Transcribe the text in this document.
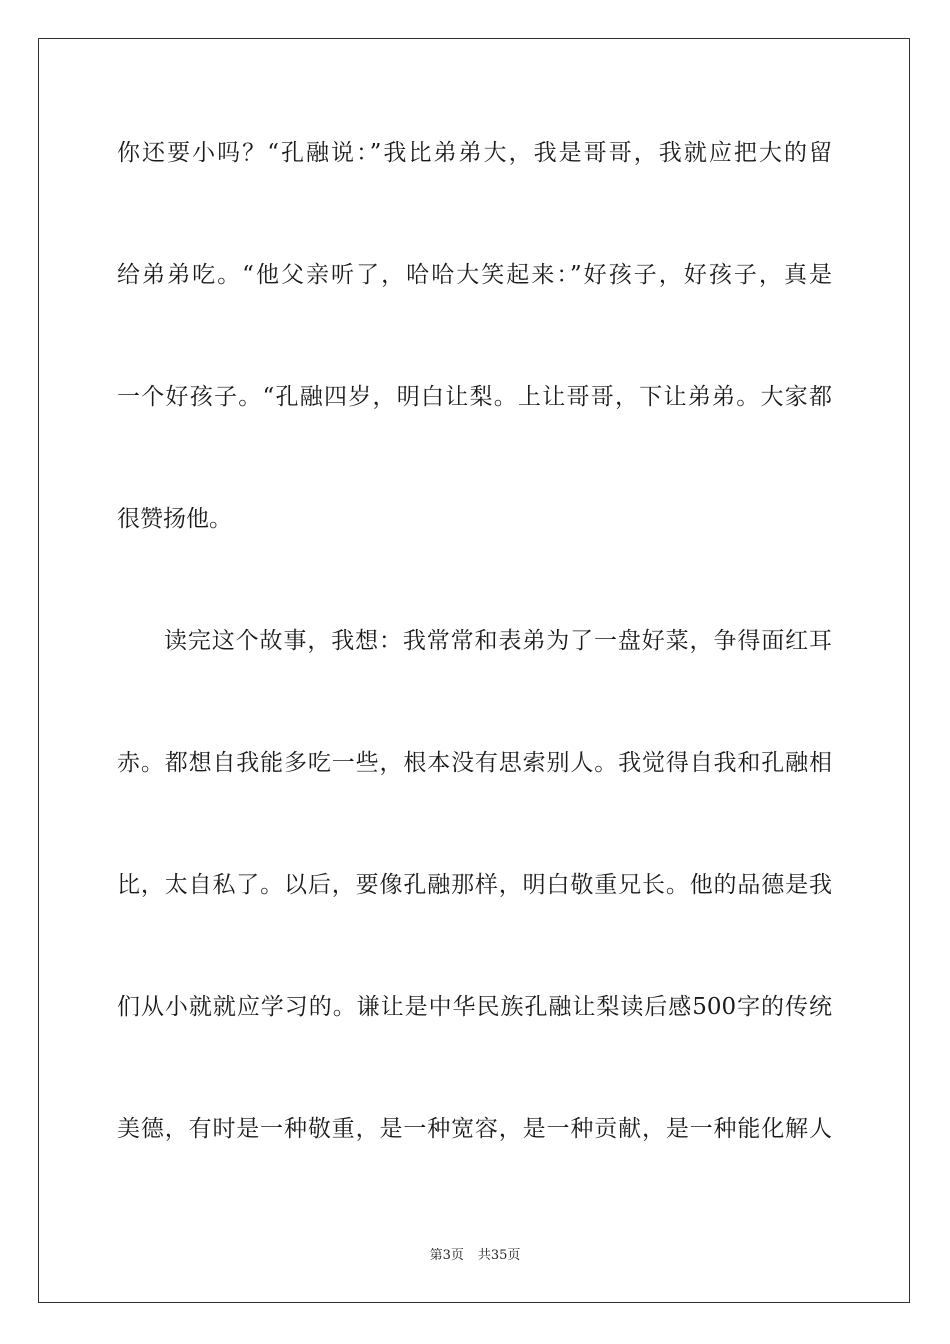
你还要小吗？“孔融说：”我比弟弟大，我是哥哥，我就应把大的留
给弟弟吃。“他父亲听了，哈哈大笑起来：”好孩子，好孩子，真是
一个好孩子。“孔融四岁，明白让梨。上让哥哥，下让弟弟。大家都
很赞扬他。
读完这个故事，我想：我常常和表弟为了一盘好菜，争得面红耳
赤。都想自我能多吃一些，根本没有思索别人。我觉得自我和孔融相
比，太自私了。以后，要像孔融那样，明白敬重兄长。他的品德是我
们从小就就应学习的。谦让是中华民族孔融让梨读后感500字的传统
美德，有时是一种敬重，是一种宽容，是一种贡献，是一种能化解人
第3页 共35页
